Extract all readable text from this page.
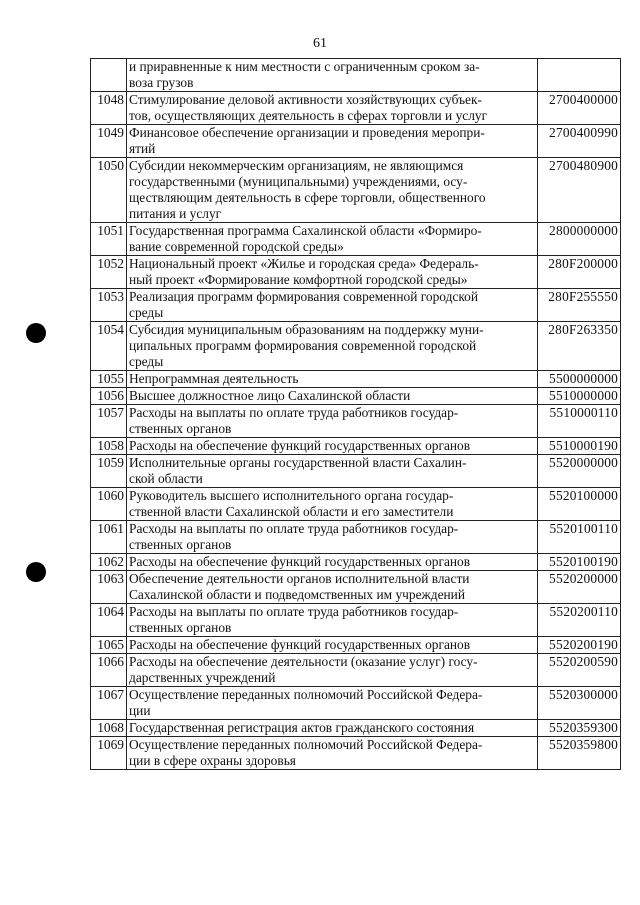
61
	и приравненные к ним местности с ограниченным сроком за-
воза грузов	
1048	Стимулирование деловой активности хозяйствующих субъек-
тов, осуществляющих деятельность в сферах торговли и услуг	2700400000
1049	Финансовое обеспечение организации и проведения меропри-
ятий	2700400990
1050	Субсидии некоммерческим организациям, не являющимся
государственными (муниципальными) учреждениями, осу-
ществляющим деятельность в сфере торговли, общественного
питания и услуг	2700480900
1051	Государственная программа Сахалинской области «Формиро-
вание современной городской среды»	2800000000
1052	Национальный проект «Жилье и городская среда» Федераль-
ный проект «Формирование комфортной городской среды»	280F200000
1053	Реализация программ формирования современной городской
среды	280F255550
1054	Субсидия муниципальным образованиям на поддержку муни-
ципальных программ формирования современной городской
среды	280F263350
1055	Непрограммная деятельность	5500000000
1056	Высшее должностное лицо Сахалинской области	5510000000
1057	Расходы на выплаты по оплате труда работников государ-
ственных органов	5510000110
1058	Расходы на обеспечение функций государственных органов	5510000190
1059	Исполнительные органы государственной власти Сахалин-
ской области	5520000000
1060	Руководитель высшего исполнительного органа государ-
ственной власти Сахалинской области и его заместители	5520100000
1061	Расходы на выплаты по оплате труда работников государ-
ственных органов	5520100110
1062	Расходы на обеспечение функций государственных органов	5520100190
1063	Обеспечение деятельности органов исполнительной власти
Сахалинской области и подведомственных им учреждений	5520200000
1064	Расходы на выплаты по оплате труда работников государ-
ственных органов	5520200110
1065	Расходы на обеспечение функций государственных органов	5520200190
1066	Расходы на обеспечение деятельности (оказание услуг) госу-
дарственных учреждений	5520200590
1067	Осуществление переданных полномочий Российской Федера-
ции	5520300000
1068	Государственная регистрация актов гражданского состояния	5520359300
1069	Осуществление переданных полномочий Российской Федера-
ции в сфере охраны здоровья	5520359800
